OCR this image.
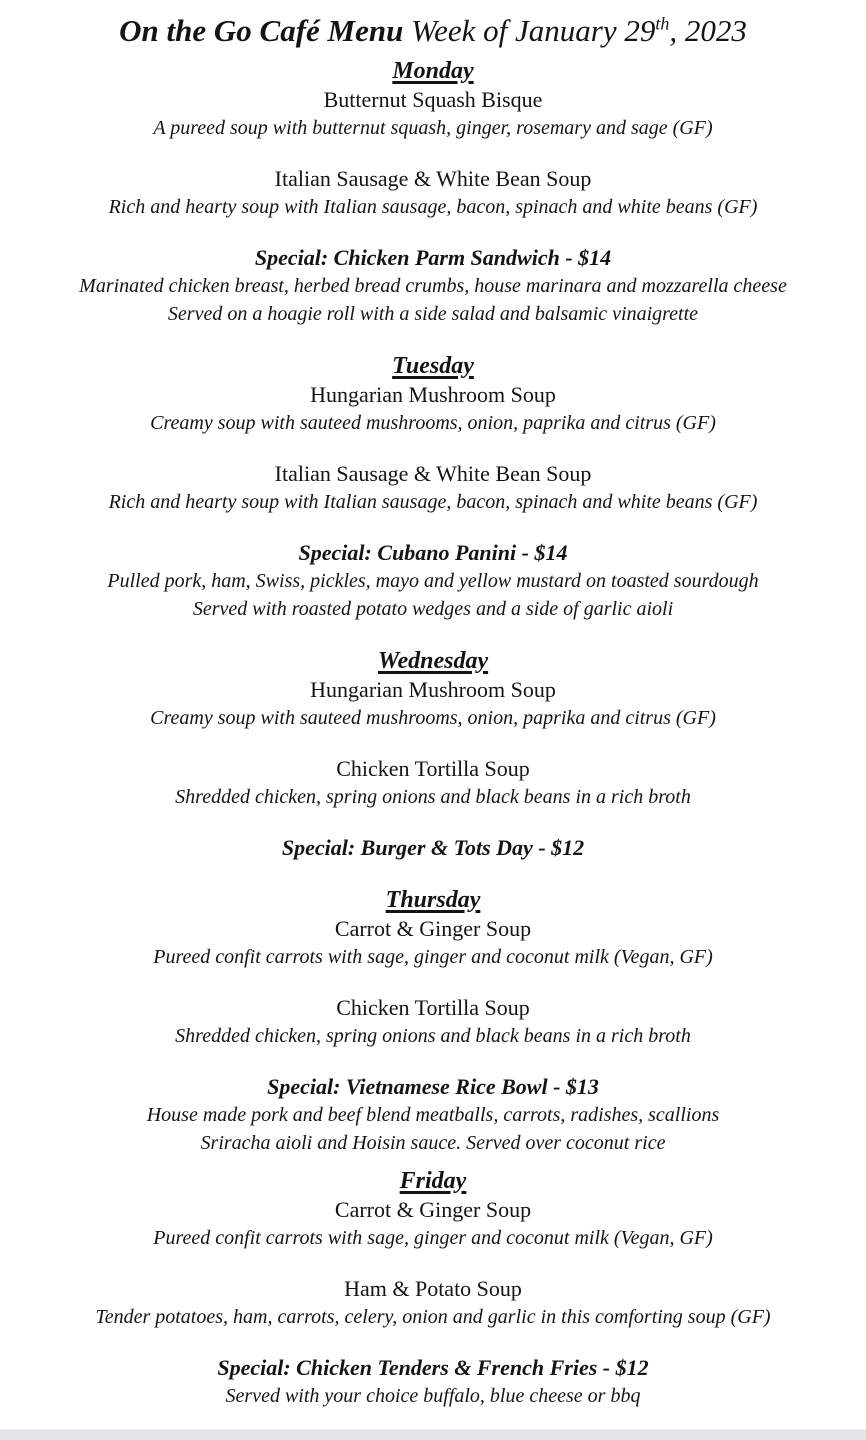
On the Go Café Menu Week of January 29th, 2023
Monday
Butternut Squash Bisque
A pureed soup with butternut squash, ginger, rosemary and sage (GF)
Italian Sausage & White Bean Soup
Rich and hearty soup with Italian sausage, bacon, spinach and white beans (GF)
Special: Chicken Parm Sandwich - $14
Marinated chicken breast, herbed bread crumbs, house marinara and mozzarella cheese
Served on a hoagie roll with a side salad and balsamic vinaigrette
Tuesday
Hungarian Mushroom Soup
Creamy soup with sauteed mushrooms, onion, paprika and citrus (GF)
Italian Sausage & White Bean Soup
Rich and hearty soup with Italian sausage, bacon, spinach and white beans (GF)
Special: Cubano Panini - $14
Pulled pork, ham, Swiss, pickles, mayo and yellow mustard on toasted sourdough
Served with roasted potato wedges and a side of garlic aioli
Wednesday
Hungarian Mushroom Soup
Creamy soup with sauteed mushrooms, onion, paprika and citrus (GF)
Chicken Tortilla Soup
Shredded chicken, spring onions and black beans in a rich broth
Special: Burger & Tots Day - $12
Thursday
Carrot & Ginger Soup
Pureed confit carrots with sage, ginger and coconut milk (Vegan, GF)
Chicken Tortilla Soup
Shredded chicken, spring onions and black beans in a rich broth
Special: Vietnamese Rice Bowl - $13
House made pork and beef blend meatballs, carrots, radishes, scallions
Sriracha aioli and Hoisin sauce. Served over coconut rice
Friday
Carrot & Ginger Soup
Pureed confit carrots with sage, ginger and coconut milk (Vegan, GF)
Ham & Potato Soup
Tender potatoes, ham, carrots, celery, onion and garlic in this comforting soup (GF)
Special: Chicken Tenders & French Fries - $12
Served with your choice buffalo, blue cheese or bbq
